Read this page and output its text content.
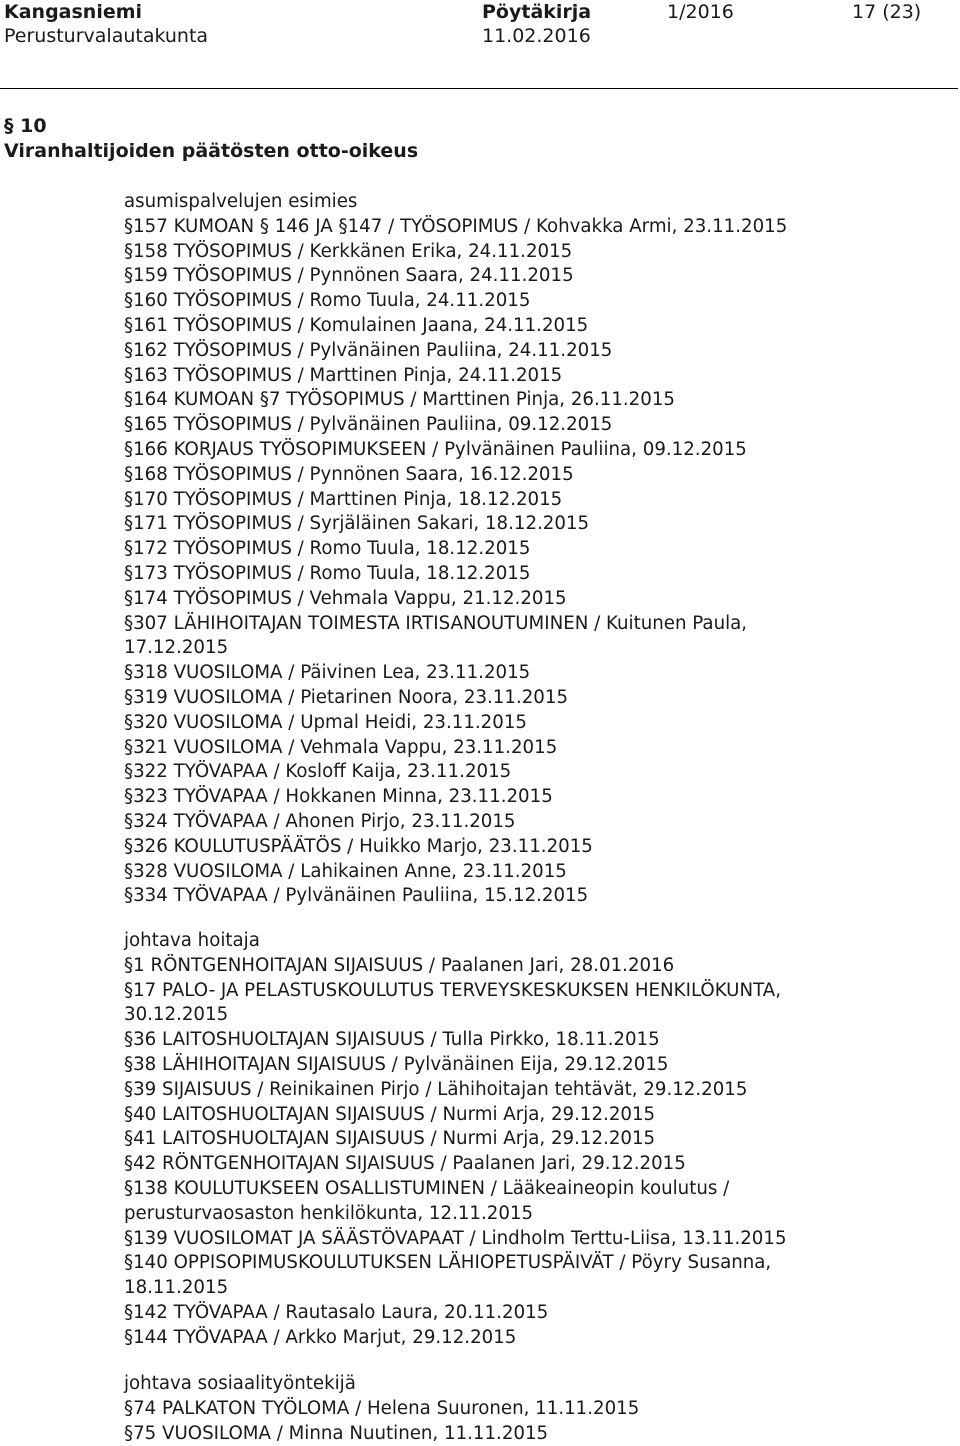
Kangasniemi	Pöytäkirja	1/2016	17 (23)
Perusturvalautakunta	11.02.2016
§ 10
Viranhaltijoiden päätösten otto-oikeus
asumispalvelujen esimies
§157 KUMOAN § 146 JA §147 / TYÖSOPIMUS / Kohvakka Armi, 23.11.2015
§158 TYÖSOPIMUS / Kerkkänen Erika, 24.11.2015
§159 TYÖSOPIMUS / Pynnönen Saara, 24.11.2015
§160 TYÖSOPIMUS / Romo Tuula, 24.11.2015
§161 TYÖSOPIMUS / Komulainen Jaana, 24.11.2015
§162 TYÖSOPIMUS / Pylvänäinen Pauliina, 24.11.2015
§163 TYÖSOPIMUS / Marttinen Pinja, 24.11.2015
§164 KUMOAN §7 TYÖSOPIMUS / Marttinen Pinja, 26.11.2015
§165 TYÖSOPIMUS / Pylvänäinen Pauliina, 09.12.2015
§166 KORJAUS TYÖSOPIMUKSEEN / Pylvänäinen Pauliina, 09.12.2015
§168 TYÖSOPIMUS / Pynnönen Saara, 16.12.2015
§170 TYÖSOPIMUS / Marttinen Pinja, 18.12.2015
§171 TYÖSOPIMUS / Syrjäläinen Sakari, 18.12.2015
§172 TYÖSOPIMUS / Romo Tuula, 18.12.2015
§173 TYÖSOPIMUS / Romo Tuula, 18.12.2015
§174 TYÖSOPIMUS / Vehmala Vappu, 21.12.2015
§307 LÄHIHOITAJAN TOIMESTA IRTISANOUTUMINEN / Kuitunen Paula,
17.12.2015
§318 VUOSILOMA / Päivinen Lea, 23.11.2015
§319 VUOSILOMA / Pietarinen Noora, 23.11.2015
§320 VUOSILOMA / Upmal Heidi, 23.11.2015
§321 VUOSILOMA / Vehmala Vappu, 23.11.2015
§322 TYÖVAPAA / Kosloff Kaija, 23.11.2015
§323 TYÖVAPAA / Hokkanen Minna, 23.11.2015
§324 TYÖVAPAA / Ahonen Pirjo, 23.11.2015
§326 KOULUTUSPÄÄTÖS / Huikko Marjo, 23.11.2015
§328 VUOSILOMA / Lahikainen Anne, 23.11.2015
§334 TYÖVAPAA / Pylvänäinen Pauliina, 15.12.2015
johtava hoitaja
§1 RÖNTGENHOITAJAN SIJAISUUS / Paalanen Jari, 28.01.2016
§17 PALO- JA PELASTUSKOULUTUS TERVEYSKESKUKSEN HENKILÖKUNTA,
30.12.2015
§36 LAITOSHUOLTAJAN SIJAISUUS / Tulla Pirkko, 18.11.2015
§38 LÄHIHOITAJAN SIJAISUUS / Pylvänäinen Eija, 29.12.2015
§39 SIJAISUUS / Reinikainen Pirjo / Lähihoitajan tehtävät, 29.12.2015
§40 LAITOSHUOLTAJAN SIJAISUUS / Nurmi Arja, 29.12.2015
§41 LAITOSHUOLTAJAN SIJAISUUS / Nurmi Arja, 29.12.2015
§42 RÖNTGENHOITAJAN SIJAISUUS / Paalanen Jari, 29.12.2015
§138 KOULUTUKSEEN OSALLISTUMINEN / Lääkeaineopin koulutus /
perusturvaosaston henkilökunta, 12.11.2015
§139 VUOSILOMAT JA SÄÄSTÖVAPAAT / Lindholm Terttu-Liisa, 13.11.2015
§140 OPPISOPIMUSKOULUTUKSEN LÄHIOPETUSPÄIVÄT / Pöyry Susanna,
18.11.2015
§142 TYÖVAPAA / Rautasalo Laura, 20.11.2015
§144 TYÖVAPAA / Arkko Marjut, 29.12.2015
johtava sosiaalityöntekijä
§74 PALKATON TYÖLOMA / Helena Suuronen, 11.11.2015
§75 VUOSILOMA / Minna Nuutinen, 11.11.2015
